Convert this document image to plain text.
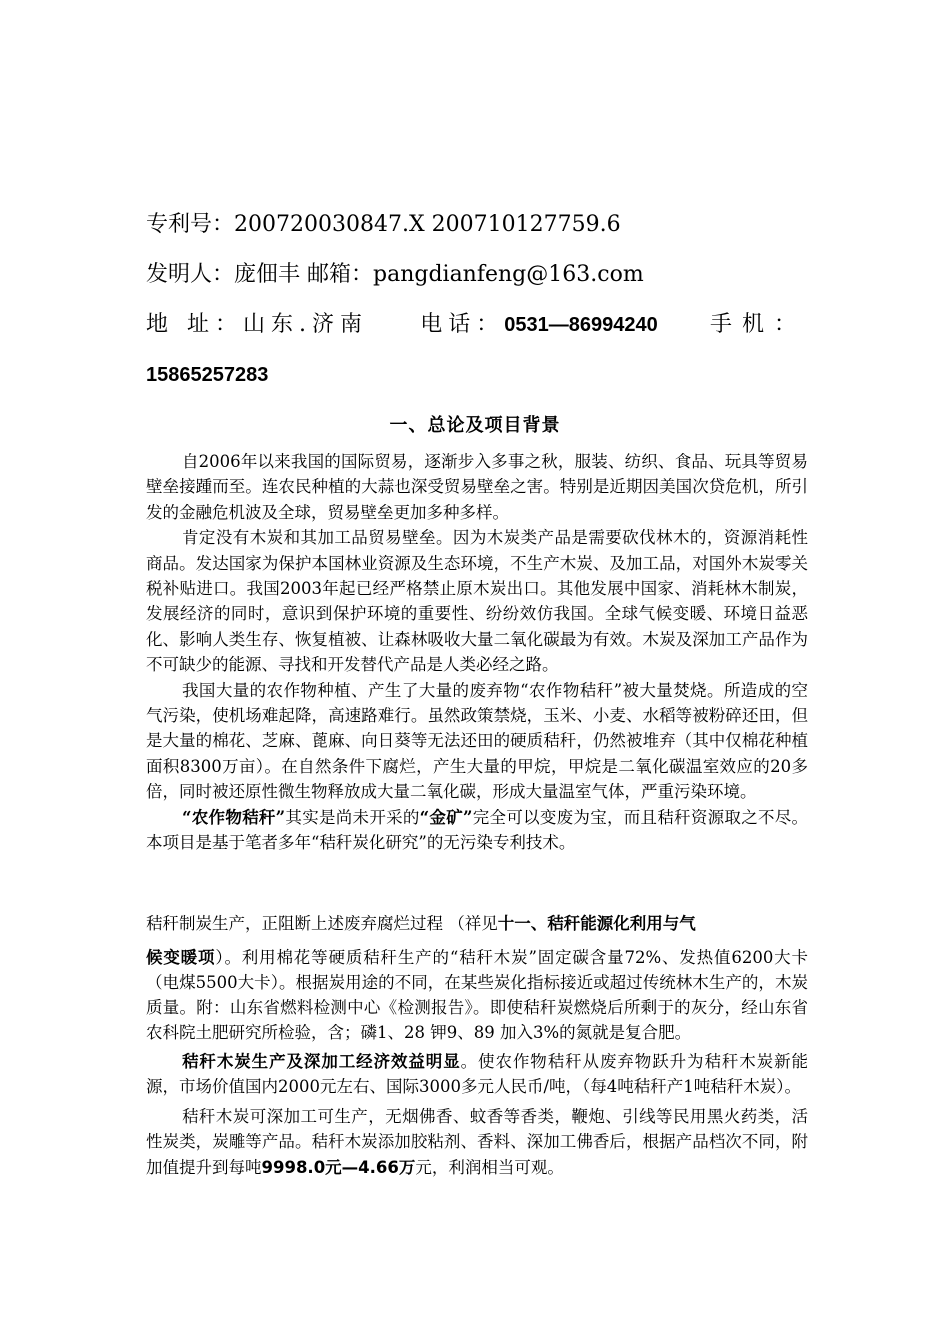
专利号：200720030847.X 200710127759.6
发明人：庞佃丰 邮箱：pangdianfeng@163.com
地 址：山东.济南 电话：0531—86994240 手机：
15865257283
一、总论及项目背景

自2006年以来我国的国际贸易，逐渐步入多事之秋，服装、纺织、食品、玩具等贸易壁垒接踵而至。连农民种植的大蒜也深受贸易壁垒之害。特别是近期因美国次贷危机，所引发的金融危机波及全球，贸易壁垒更加多种多样。

肯定没有木炭和其加工品贸易壁垒。因为木炭类产品是需要砍伐林木的，资源消耗性商品。发达国家为保护本国林业资源及生态环境，不生产木炭、及加工品，对国外木炭零关税补贴进口。我国2003年起已经严格禁止原木炭出口。其他发展中国家、消耗林木制炭，发展经济的同时，意识到保护环境的重要性、纷纷效仿我国。全球气候变暖、环境日益恶化、影响人类生存、恢复植被、让森林吸收大量二氧化碳最为有效。木炭及深加工产品作为不可缺少的能源、寻找和开发替代产品是人类必经之路。

我国大量的农作物种植、产生了大量的废弃物“农作物秸秆”被大量焚烧。所造成的空气污染，使机场难起降，高速路难行。虽然政策禁烧，玉米、小麦、水稻等被粉碎还田，但是大量的棉花、芝麻、蓖麻、向日葵等无法还田的硬质秸秆，仍然被堆弃（其中仅棉花种植面积8300万亩）。在自然条件下腐烂，产生大量的甲烷，甲烷是二氧化碳温室效应的20多倍，同时被还原性微生物释放成大量二氧化碳，形成大量温室气体，严重污染环境。

“农作物秸秆”其实是尚未开采的“金矿”完全可以变废为宝，而且秸秆资源取之不尽。本项目是基于笔者多年“秸秆炭化研究”的无污染专利技术。

秸秆制炭生产，正阻断上述废弃腐烂过程 （祥见十一、秸秆能源化利用与气

候变暖项）。利用棉花等硬质秸秆生产的“秸秆木炭”固定碳含量72%、发热值6200大卡（电煤5500大卡）。根据炭用途的不同，在某些炭化指标接近或超过传统林木生产的，木炭质量。附：山东省燃料检测中心《检测报告》。即使秸秆炭燃烧后所剩于的灰分，经山东省农科院土肥研究所检验，含；磷1、28 钾9、89 加入3%的氮就是复合肥。

秸秆木炭生产及深加工经济效益明显。使农作物秸秆从废弃物跃升为秸秆木炭新能源，市场价值国内2000元左右、国际3000多元人民币/吨，（每4吨秸秆产1吨秸秆木炭）。

秸秆木炭可深加工可生产，无烟佛香、蚊香等香类，鞭炮、引线等民用黑火药类，活性炭类，炭雕等产品。秸秆木炭添加胶粘剂、香料、深加工佛香后，根据产品档次不同，附加值提升到每吨9998.0元—4.66万元，利润相当可观。
